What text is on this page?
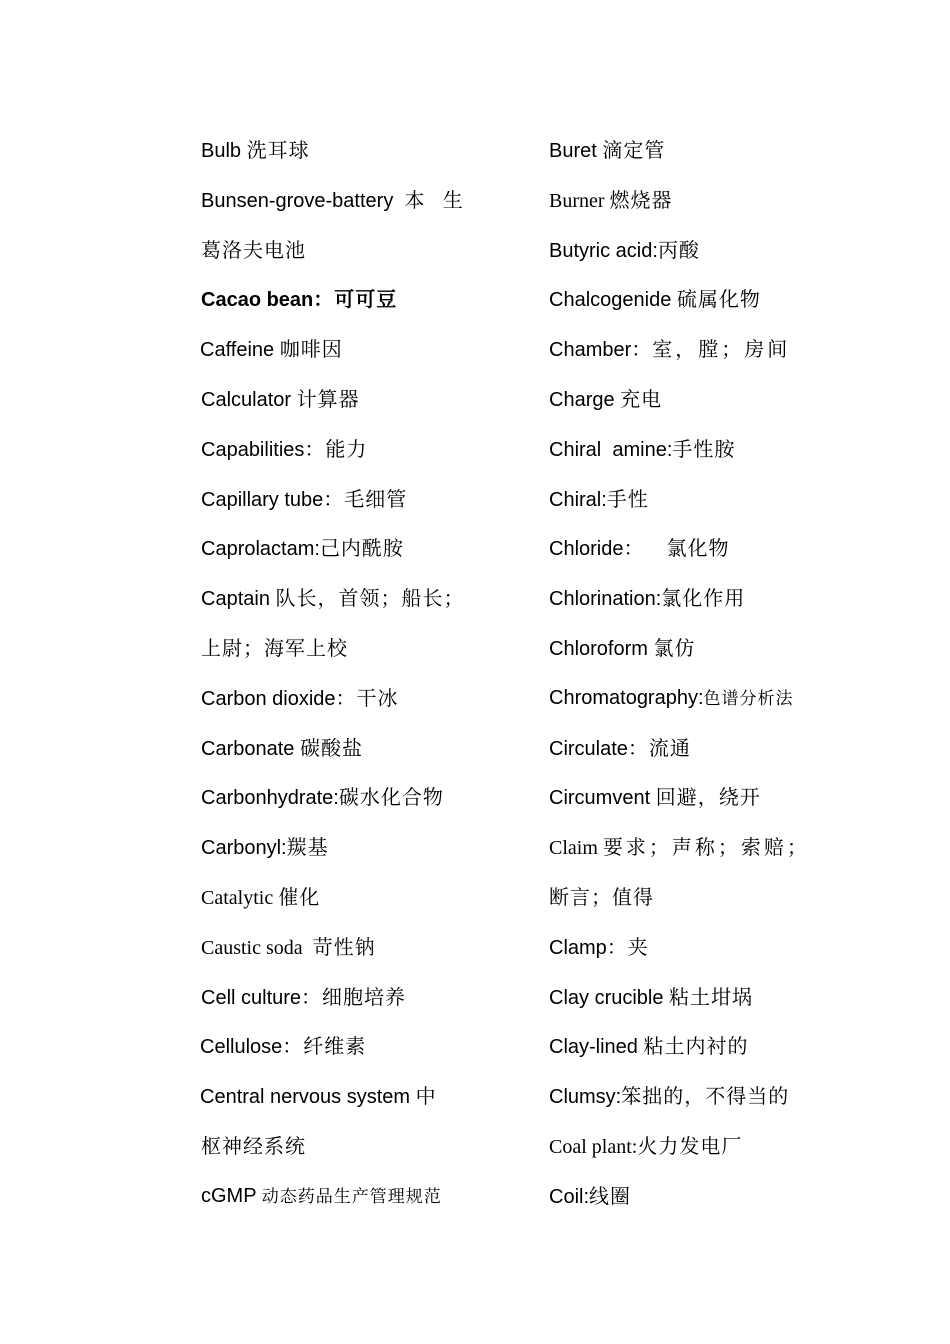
Bulb 洗耳球
Bunsen-grove-battery 本 生
葛洛夫电池
Cacao bean：可可豆
Caffeine 咖啡因
Calculator 计算器
Capabilities：能力
Capillary tube：毛细管
Caprolactam:己内酰胺
Captain 队长，首领；船长；
上尉；海军上校
Carbon dioxide：干冰
Carbonate 碳酸盐
Carbonhydrate:碳水化合物
Carbonyl:羰基
Catalytic 催化
Caustic soda 苛性钠
Cell culture：细胞培养
Cellulose：纤维素
Central nervous system 中
枢神经系统
cGMP 动态药品生产管理规范
Buret 滴定管
Burner 燃烧器
Butyric acid:丙酸
Chalcogenide 硫属化物
Chamber：室，膛；房间
Charge 充电
Chiral  amine:手性胺
Chiral:手性
Chloride：   氯化物
Chlorination:氯化作用
Chloroform 氯仿
Chromatography:色谱分析法
Circulate：流通
Circumvent 回避，绕开
Claim 要求；声称；索赔；
断言；值得
Clamp：夹
Clay crucible 粘土坩埚
Clay-lined 粘土内衬的
Clumsy:笨拙的，不得当的
Coal plant:火力发电厂
Coil:线圈
